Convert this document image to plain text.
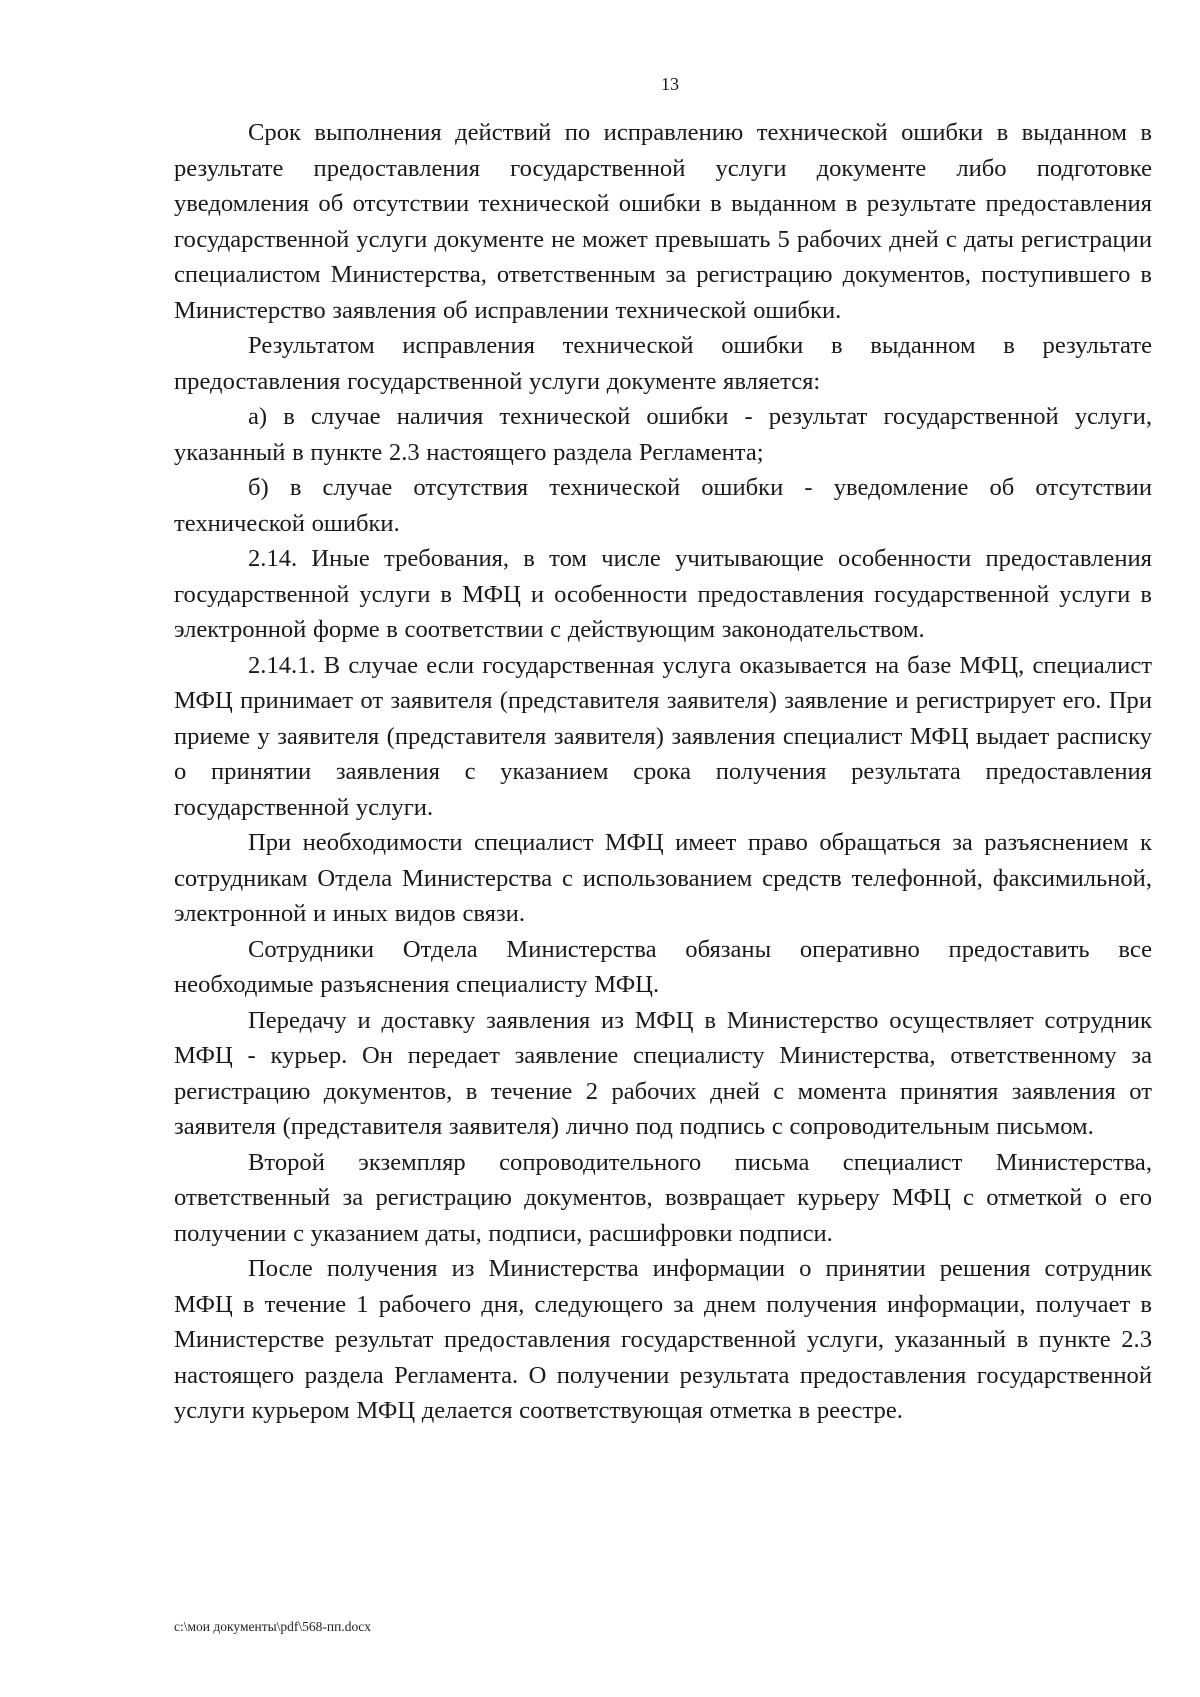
13

Срок выполнения действий по исправлению технической ошибки в выданном в результате предоставления государственной услуги документе либо подготовке уведомления об отсутствии технической ошибки в выданном в результате предоставления государственной услуги документе не может превышать 5 рабочих дней с даты регистрации специалистом Министерства, ответственным за регистрацию документов, поступившего в Министерство заявления об исправлении технической ошибки.

Результатом исправления технической ошибки в выданном в результате предоставления государственной услуги документе является:

а) в случае наличия технической ошибки - результат государственной услуги, указанный в пункте 2.3 настоящего раздела Регламента;

б) в случае отсутствия технической ошибки - уведомление об отсутствии технической ошибки.

2.14. Иные требования, в том числе учитывающие особенности предоставления государственной услуги в МФЦ и особенности предоставления государственной услуги в электронной форме в соответствии с действующим законодательством.

2.14.1. В случае если государственная услуга оказывается на базе МФЦ, специалист МФЦ принимает от заявителя (представителя заявителя) заявление и регистрирует его. При приеме у заявителя (представителя заявителя) заявления специалист МФЦ выдает расписку о принятии заявления с указанием срока получения результата предоставления государственной услуги.

При необходимости специалист МФЦ имеет право обращаться за разъяснением к сотрудникам Отдела Министерства с использованием средств телефонной, факсимильной, электронной и иных видов связи.

Сотрудники Отдела Министерства обязаны оперативно предоставить все необходимые разъяснения специалисту МФЦ.

Передачу и доставку заявления из МФЦ в Министерство осуществляет сотрудник МФЦ - курьер. Он передает заявление специалисту Министерства, ответственному за регистрацию документов, в течение 2 рабочих дней с момента принятия заявления от заявителя (представителя заявителя) лично под подпись с сопроводительным письмом.

Второй экземпляр сопроводительного письма специалист Министерства, ответственный за регистрацию документов, возвращает курьеру МФЦ с отметкой о его получении с указанием даты, подписи, расшифровки подписи.

После получения из Министерства информации о принятии решения сотрудник МФЦ в течение 1 рабочего дня, следующего за днем получения информации, получает в Министерстве результат предоставления государственной услуги, указанный в пункте 2.3 настоящего раздела Регламента. О получении результата предоставления государственной услуги курьером МФЦ делается соответствующая отметка в реестре.

c:\мои документы\pdf\568-пп.docx
